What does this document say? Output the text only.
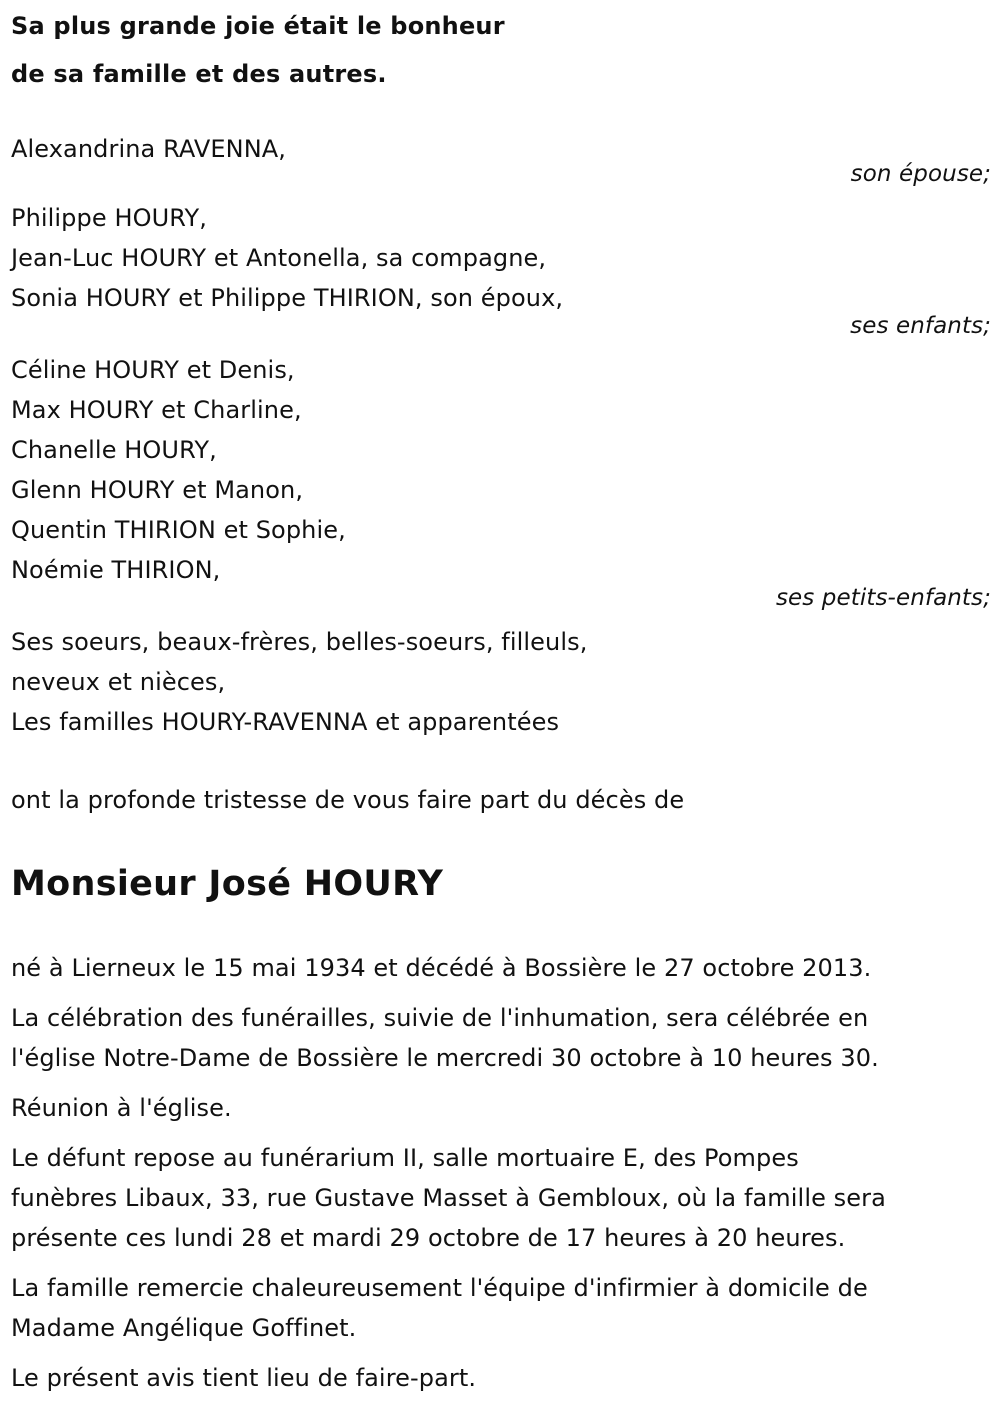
Sa plus grande joie était le bonheur
de sa famille et des autres.
Alexandrina RAVENNA,
son épouse;
Philippe HOURY,
Jean-Luc HOURY et Antonella, sa compagne,
Sonia HOURY et Philippe THIRION, son époux,
ses enfants;
Céline HOURY et Denis,
Max HOURY et Charline,
Chanelle HOURY,
Glenn HOURY et Manon,
Quentin THIRION et Sophie,
Noémie THIRION,
ses petits-enfants;
Ses soeurs, beaux-frères, belles-soeurs, filleuls,
neveux et nièces,
Les familles HOURY-RAVENNA et apparentées
ont la profonde tristesse de vous faire part du décès de
Monsieur José HOURY

né à Lierneux le 15 mai 1934 et décédé à Bossière le 27 octobre 2013.

La célébration des funérailles, suivie de l'inhumation, sera célébrée en
l'église Notre-Dame de Bossière le mercredi 30 octobre à 10 heures 30.

Réunion à l'église.

Le défunt repose au funérarium II, salle mortuaire E, des Pompes
funèbres Libaux, 33, rue Gustave Masset à Gembloux, où la famille sera
présente ces lundi 28 et mardi 29 octobre de 17 heures à 20 heures.

La famille remercie chaleureusement l'équipe d'infirmier à domicile de
Madame Angélique Goffinet.

Le présent avis tient lieu de faire-part.
